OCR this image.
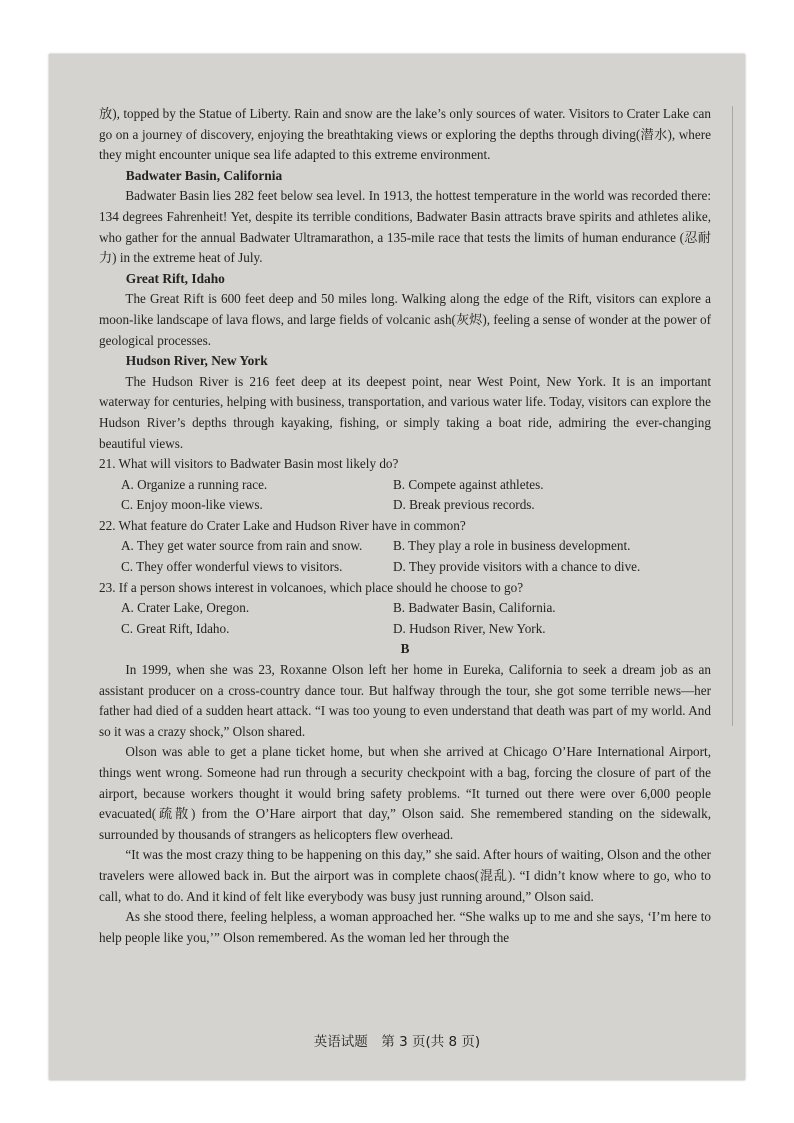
放), topped by the Statue of Liberty. Rain and snow are the lake’s only sources of water. Visitors to Crater Lake can go on a journey of discovery, enjoying the breathtaking views or exploring the depths through diving(潜水), where they might encounter unique sea life adapted to this extreme environment.

Badwater Basin, California

Badwater Basin lies 282 feet below sea level. In 1913, the hottest temperature in the world was recorded there: 134 degrees Fahrenheit! Yet, despite its terrible conditions, Badwater Basin attracts brave spirits and athletes alike, who gather for the annual Badwater Ultramarathon, a 135-mile race that tests the limits of human endurance (忍耐力) in the extreme heat of July.

Great Rift, Idaho

The Great Rift is 600 feet deep and 50 miles long. Walking along the edge of the Rift, visitors can explore a moon-like landscape of lava flows, and large fields of volcanic ash(灰烬), feeling a sense of wonder at the power of geological processes.

Hudson River, New York

The Hudson River is 216 feet deep at its deepest point, near West Point, New York. It is an important waterway for centuries, helping with business, transportation, and various water life. Today, visitors can explore the Hudson River’s depths through kayaking, fishing, or simply taking a boat ride, admiring the ever-changing beautiful views.

21. What will visitors to Badwater Basin most likely do?

A. Organize a running race.	B. Compete against athletes.
C. Enjoy moon-like views.	D. Break previous records.

22. What feature do Crater Lake and Hudson River have in common?

A. They get water source from rain and snow.	B. They play a role in business development.
C. They offer wonderful views to visitors.	D. They provide visitors with a chance to dive.

23. If a person shows interest in volcanoes, which place should he choose to go?

A. Crater Lake, Oregon.	B. Badwater Basin, California.
C. Great Rift, Idaho.	D. Hudson River, New York.

B

In 1999, when she was 23, Roxanne Olson left her home in Eureka, California to seek a dream job as an assistant producer on a cross-country dance tour. But halfway through the tour, she got some terrible news—her father had died of a sudden heart attack. “I was too young to even understand that death was part of my world. And so it was a crazy shock,” Olson shared.

Olson was able to get a plane ticket home, but when she arrived at Chicago O’Hare International Airport, things went wrong. Someone had run through a security checkpoint with a bag, forcing the closure of part of the airport, because workers thought it would bring safety problems. “It turned out there were over 6,000 people evacuated(疏散) from the O’Hare airport that day,” Olson said. She remembered standing on the sidewalk, surrounded by thousands of strangers as helicopters flew overhead.

“It was the most crazy thing to be happening on this day,” she said. After hours of waiting, Olson and the other travelers were allowed back in. But the airport was in complete chaos(混乱). “I didn’t know where to go, who to call, what to do. And it kind of felt like everybody was busy just running around,” Olson said.

As she stood there, feeling helpless, a woman approached her. “She walks up to me and she says, ‘I’m here to help people like you,’” Olson remembered. As the woman led her through the

英语试题　第 3 页(共 8 页)
